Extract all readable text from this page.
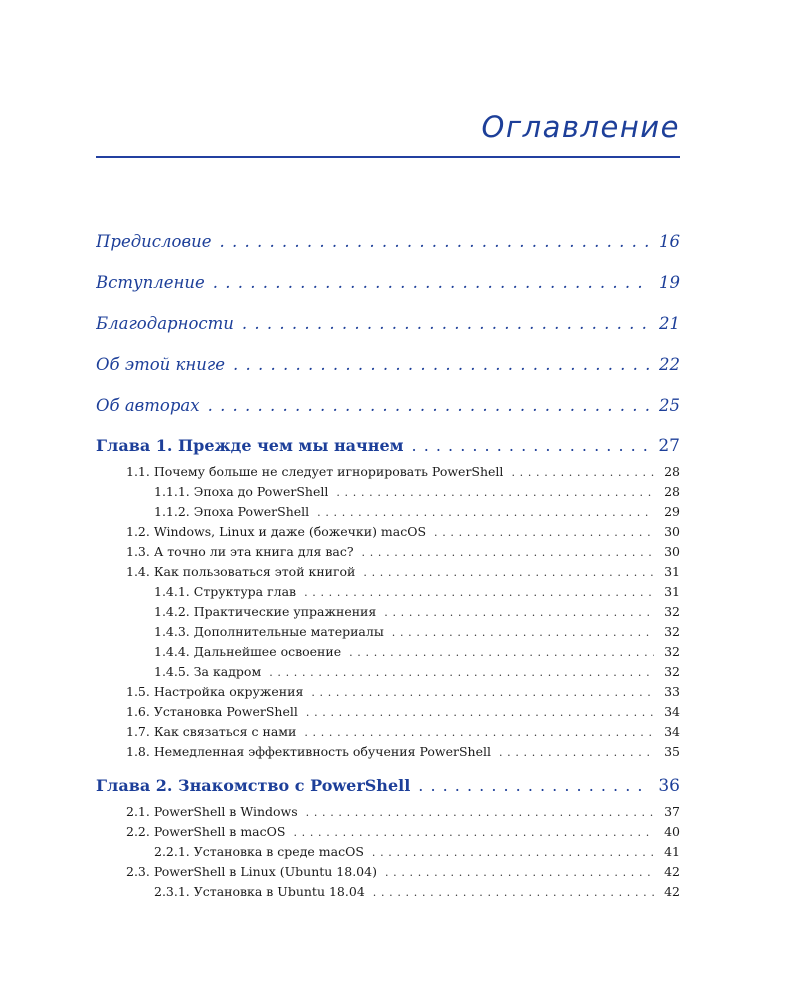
Оглавление
Предисловие . . .	16
Вступление . . .	19
Благодарности . . .	21
Об этой книге . . .	22
Об авторах . . .	25
Глава 1. Прежде чем мы начнем . . .	27
1.1. Почему больше не следует игнорировать PowerShell . . .	28
1.1.1. Эпоха до PowerShell . . .	28
1.1.2. Эпоха PowerShell . . .	29
1.2. Windows, Linux и даже (божечки) macOS . . .	30
1.3. А точно ли эта книга для вас? . . .	30
1.4. Как пользоваться этой книгой . . .	31
1.4.1. Структура глав . . .	31
1.4.2. Практические упражнения . . .	32
1.4.3. Дополнительные материалы . . .	32
1.4.4. Дальнейшее освоение . . .	32
1.4.5. За кадром . . .	32
1.5. Настройка окружения . . .	33
1.6. Установка PowerShell . . .	34
1.7. Как связаться с нами . . .	34
1.8. Немедленная эффективность обучения PowerShell . . .	35
Глава 2. Знакомство с PowerShell . . .	36
2.1. PowerShell в Windows . . .	37
2.2. PowerShell в macOS . . .	40
2.2.1. Установка в среде macOS . . .	41
2.3. PowerShell в Linux (Ubuntu 18.04) . . .	42
2.3.1. Установка в Ubuntu 18.04 . . .	42
